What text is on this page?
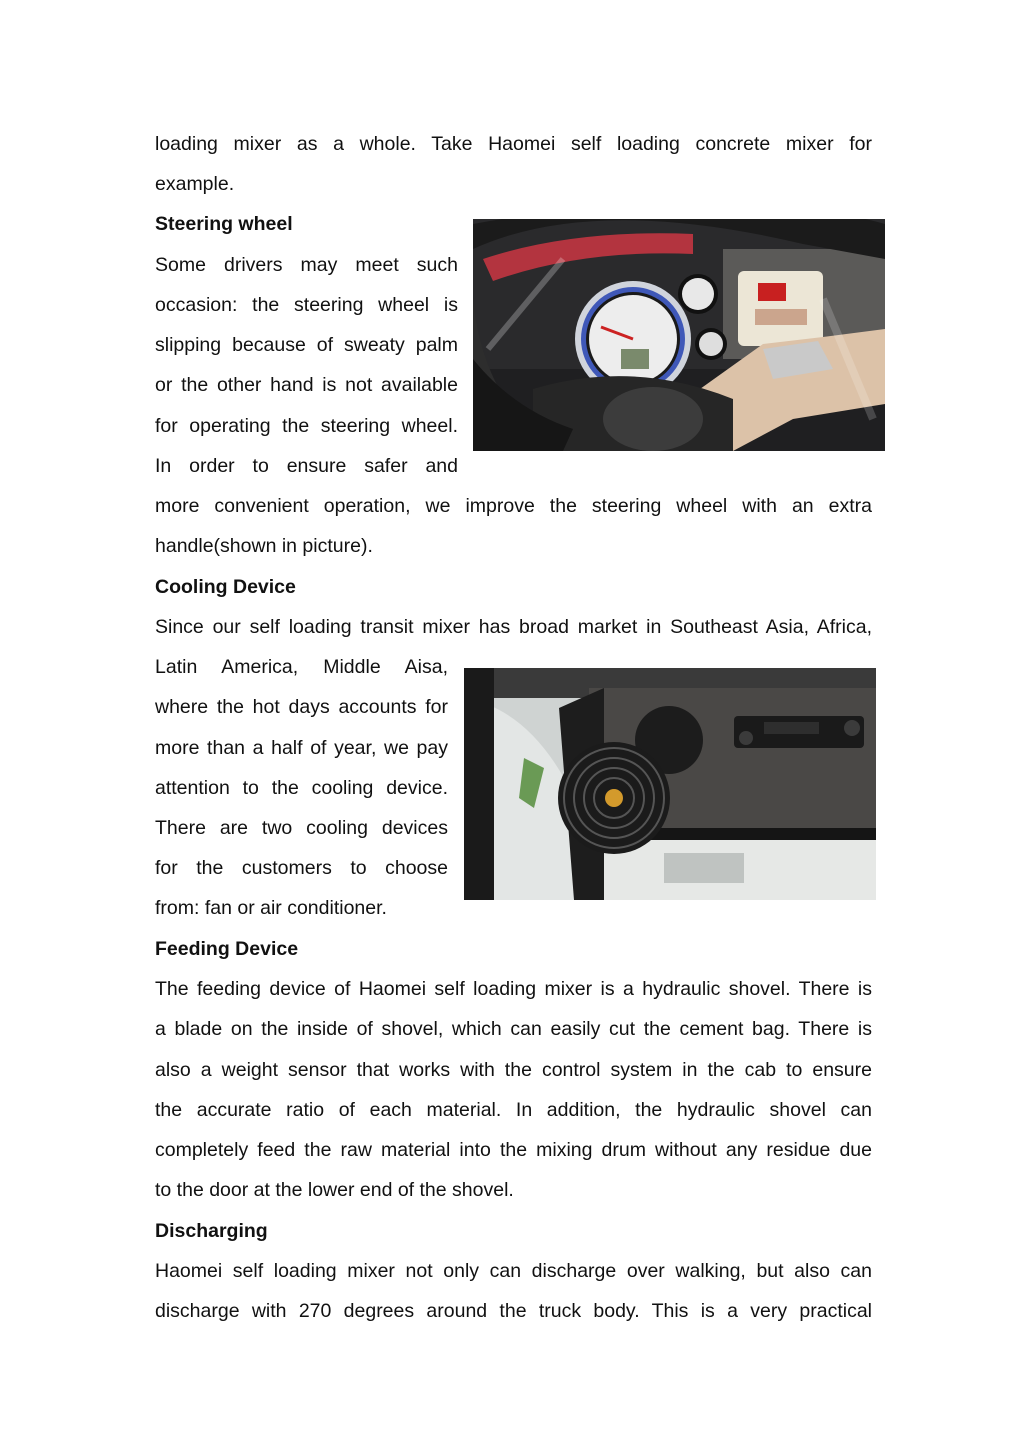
loading mixer as a whole. Take Haomei self loading concrete mixer for
example.
Steering wheel
Some drivers may meet such
occasion: the steering wheel is
slipping because of sweaty palm
or the other hand is not available
for operating the steering wheel.
In order to ensure safer and
more convenient operation, we improve the steering wheel with an extra
handle(shown in picture).
Cooling Device
Since our self loading transit mixer has broad market in Southeast Asia, Africa,
Latin America, Middle Aisa,
where the hot days accounts for
more than a half of year, we pay
attention to the cooling device.
There are two cooling devices
for the customers to choose
from: fan or air conditioner.
Feeding Device
The feeding device of Haomei self loading mixer is a hydraulic shovel. There is
a blade on the inside of shovel, which can easily cut the cement bag. There is
also a weight sensor that works with the control system in the cab to ensure
the accurate ratio of each material. In addition, the hydraulic shovel can
completely feed the raw material into the mixing drum without any residue due
to the door at the lower end of the shovel.
Discharging
Haomei self loading mixer not only can discharge over walking, but also can
discharge with 270 degrees around the truck body. This is a very practical
